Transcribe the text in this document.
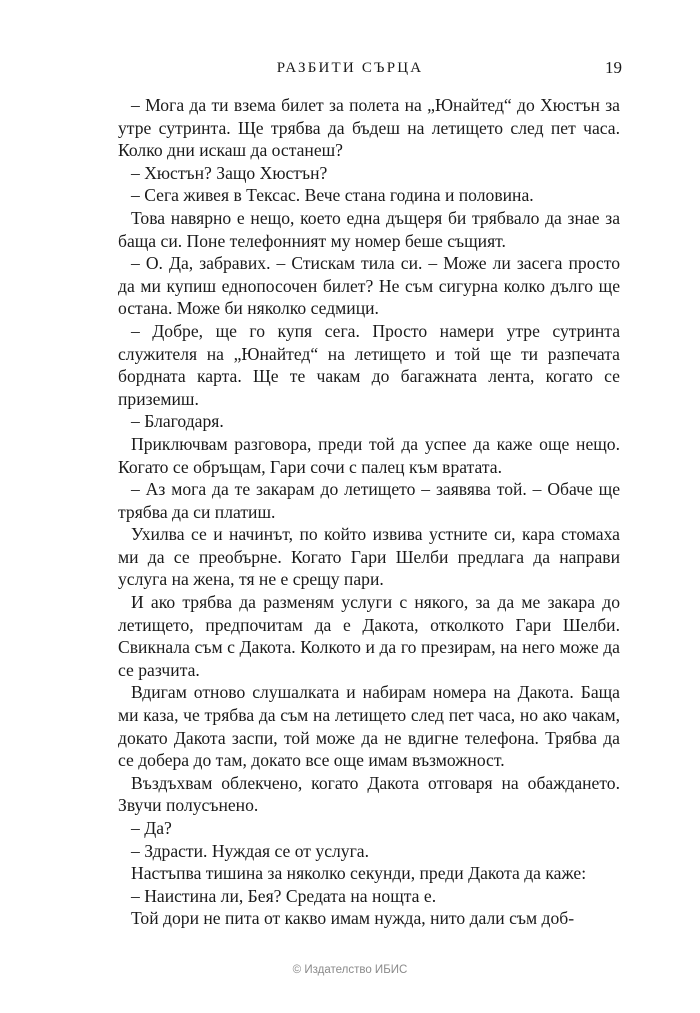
РАЗБИТИ СЪРЦА	19

– Мога да ти взема билет за полета на „Юнайтед“ до Хюстън за утре сутринта. Ще трябва да бъдеш на летището след пет часа. Колко дни искаш да останеш?

– Хюстън? Защо Хюстън?

– Сега живея в Тексас. Вече стана година и половина.

Това навярно е нещо, което една дъщеря би трябвало да знае за баща си. Поне телефонният му номер беше същият.

– О. Да, забравих. – Стискам тила си. – Може ли засега просто да ми купиш еднопосочен билет? Не съм сигурна колко дълго ще остана. Може би няколко седмици.

– Добре, ще го купя сега. Просто намери утре сутринта служителя на „Юнайтед“ на летището и той ще ти разпечата бордната карта. Ще те чакам до багажната лента, когато се приземиш.

– Благодаря.

Приключвам разговора, преди той да успее да каже още нещо. Когато се обръщам, Гари сочи с палец към вратата.

– Аз мога да те закарам до летището – заявява той. – Обаче ще трябва да си платиш.

Ухилва се и начинът, по който извива устните си, кара стомаха ми да се преобърне. Когато Гари Шелби предлага да направи услуга на жена, тя не е срещу пари.

И ако трябва да разменям услуги с някого, за да ме закара до летището, предпочитам да е Дакота, отколкото Гари Шелби. Свикнала съм с Дакота. Колкото и да го презирам, на него може да се разчита.

Вдигам отново слушалката и набирам номера на Дакота. Баща ми каза, че трябва да съм на летището след пет часа, но ако чакам, докато Дакота заспи, той може да не вдигне телефона. Трябва да се добера до там, докато все още имам възможност.

Въздъхвам облекчено, когато Дакота отговаря на обаждането. Звучи полусънено.

– Да?

– Здрасти. Нуждая се от услуга.

Настъпва тишина за няколко секунди, преди Дакота да каже:

– Наистина ли, Бея? Средата на нощта е.

Той дори не пита от какво имам нужда, нито дали съм доб-

© Издателство ИБИС
